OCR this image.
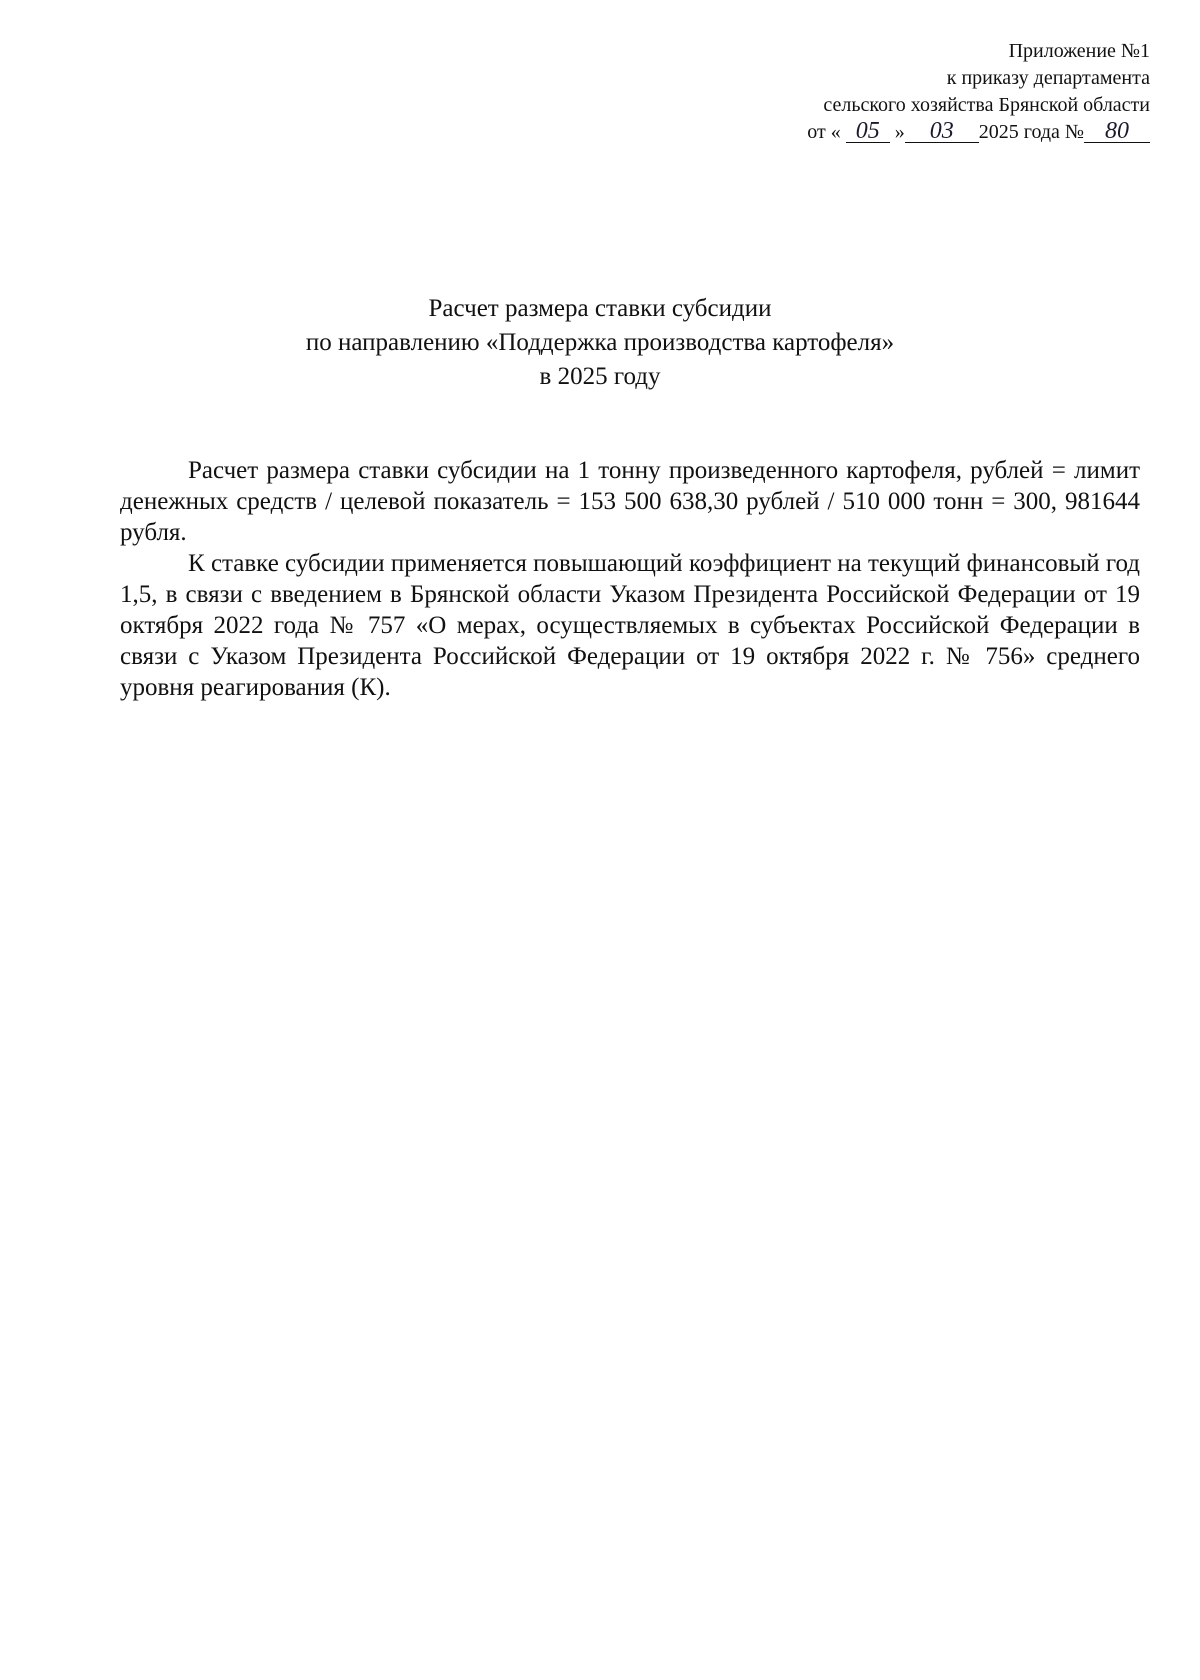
Приложение №1
к приказу департамента
сельского хозяйства Брянской области
от « 05 » 03 2025 года № 80
Расчет размера ставки субсидии
по направлению «Поддержка производства картофеля»
в 2025 году

Расчет размера ставки субсидии на 1 тонну произведенного картофеля, рублей = лимит денежных средств / целевой показатель = 153 500 638,30 рублей / 510 000 тонн = 300, 981644 рубля.

К ставке субсидии применяется повышающий коэффициент на текущий финансовый год 1,5, в связи с введением в Брянской области Указом Президента Российской Федерации от 19 октября 2022 года № 757 «О мерах, осуществляемых в субъектах Российской Федерации в связи с Указом Президента Российской Федерации от 19 октября 2022 г. № 756» среднего уровня реагирования (К).
